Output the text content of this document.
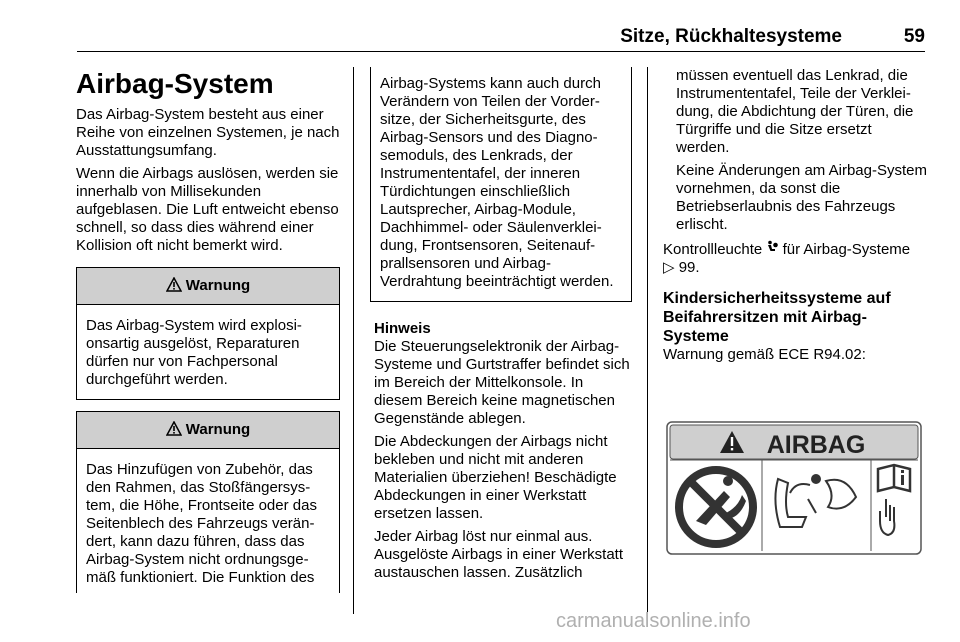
Sitze, Rückhaltesysteme	59
Airbag-System

Das Airbag-System besteht aus einer Reihe von einzelnen Systemen, je nach Ausstattungsumfang.

Wenn die Airbags auslösen, werden sie innerhalb von Millisekunden aufgeblasen. Die Luft entweicht ebenso schnell, so dass dies während einer Kollision oft nicht bemerkt wird.

Warnung

Das Airbag-System wird explosionsartig ausgelöst, Reparaturen dürfen nur von Fachpersonal durchgeführt werden.

Warnung

Das Hinzufügen von Zubehör, das den Rahmen, das Stoßfängersystem, die Höhe, Frontseite oder das Seitenblech des Fahrzeugs verändert, kann dazu führen, dass das Airbag-System nicht ordnungsgemäß funktioniert. Die Funktion des

Airbag-Systems kann auch durch Verändern von Teilen der Vordersitze, der Sicherheitsgurte, des Airbag-Sensors und des Diagnosemoduls, des Lenkrads, der Instrumententafel, der inneren Türdichtungen einschließlich Lautsprecher, Airbag-Module, Dachhimmel- oder Säulenverkleidung, Frontsensoren, Seitenaufprallsensoren und Airbag-Verdrahtung beeinträchtigt werden.

Hinweis

Die Steuerungselektronik der Airbag-Systeme und Gurtstraffer befindet sich im Bereich der Mittelkonsole. In diesem Bereich keine magnetischen Gegenstände ablegen.

Die Abdeckungen der Airbags nicht bekleben und nicht mit anderen Materialien überziehen! Beschädigte Abdeckungen in einer Werkstatt ersetzen lassen.

Jeder Airbag löst nur einmal aus. Ausgelöste Airbags in einer Werkstatt austauschen lassen. Zusätzlich

müssen eventuell das Lenkrad, die Instrumententafel, Teile der Verkleidung, die Abdichtung der Türen, die Türgriffe und die Sitze ersetzt werden.

Keine Änderungen am Airbag-System vornehmen, da sonst die Betriebserlaubnis des Fahrzeugs erlischt.

Kontrollleuchte für Airbag-Systeme
▷ 99.

Kindersicherheitssysteme auf Beifahrersitzen mit Airbag-Systeme

Warnung gemäß ECE R94.02:

AIRBAG
carmanualsonline.info
